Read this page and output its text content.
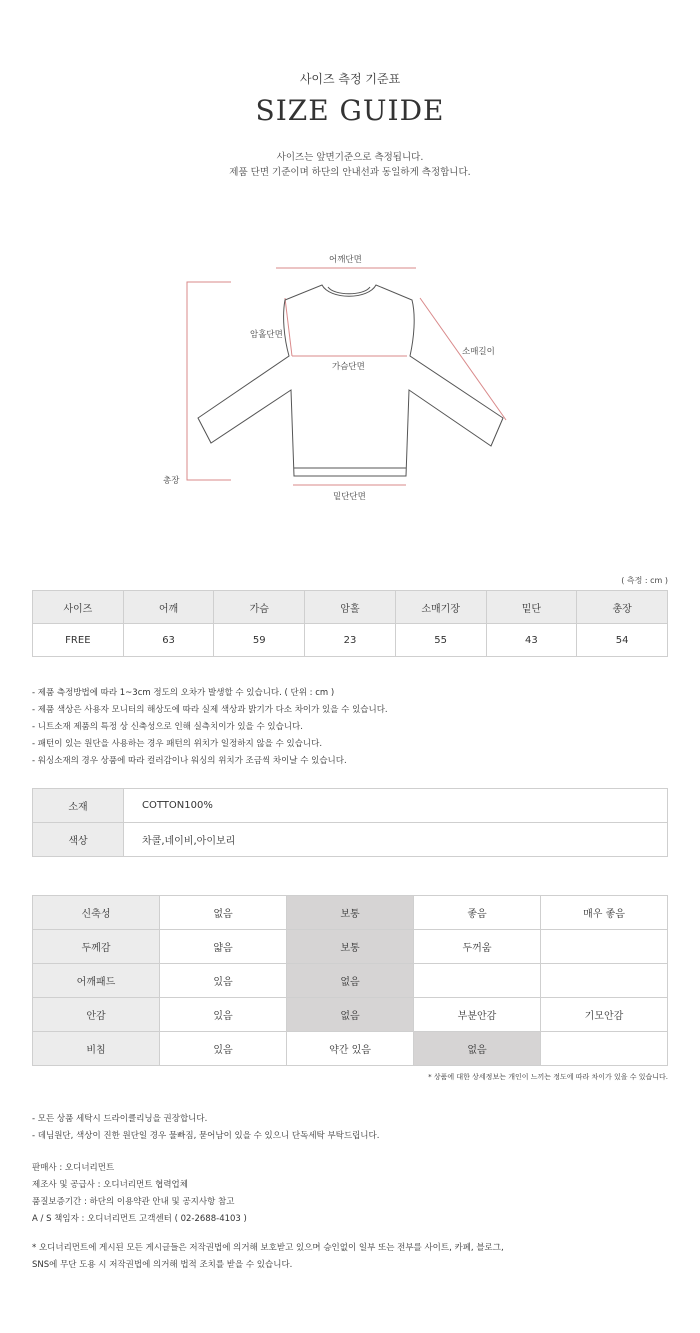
사이즈 측정 기준표
SIZE GUIDE
사이즈는 앞면기준으로 측정됩니다.
제품 단면 기준이며 하단의 안내선과 동일하게 측정합니다.
어깨단면
암홀단면
소매길이
가슴단면
총장
밑단단면
( 측정 : cm )
사이즈	어깨	가슴	암홀	소매기장	밑단	총장
FREE	63	59	23	55	43	54
- 제품 측정방법에 따라 1~3cm 정도의 오차가 발생할 수 있습니다. ( 단위 : cm )
- 제품 색상은 사용자 모니터의 해상도에 따라 실제 색상과 밝기가 다소 차이가 있을 수 있습니다.
- 니트소재 제품의 특정 상 신축성으로 인해 실측치이가 있을 수 있습니다.
- 패턴이 있는 원단을 사용하는 경우 패턴의 위치가 일정하지 않을 수 있습니다.
- 워싱소재의 경우 상품에 따라 컬러감이나 워싱의 위치가 조금씩 차이날 수 있습니다.
소재	COTTON100%
색상	차콜,네이비,아이보리
신축성	없음	보통	좋음	매우 좋음
두께감	얇음	보통	두꺼움	
어깨패드	있음	없음		
안감	있음	없음	부분안감	기모안감
비침	있음	약간 있음	없음	
* 상품에 대한 상세정보는 개인이 느끼는 정도에 따라 차이가 있을 수 있습니다.
- 모든 상품 세탁시 드라이클리닝을 권장합니다.
- 데님원단, 색상이 진한 원단일 경우 물빠짐, 묻어남이 있을 수 있으니 단독세탁 부탁드립니다.
판매사 : 오디너리먼트
제조사 및 공급사 : 오디너리먼트 협력업체
품질보증기간 : 하단의 이용약관 안내 및 공지사항 참고
A / S 책임자 : 오디너리먼트 고객센터 ( 02-2688-4103 )
* 오디너리먼트에 게시된 모든 게시글들은 저작권법에 의거해 보호받고 있으며 승인없이 일부 또는 전부를 사이트, 카페, 블로그,
SNS에 무단 도용 시 저작권법에 의거해 법적 조치를 받을 수 있습니다.
